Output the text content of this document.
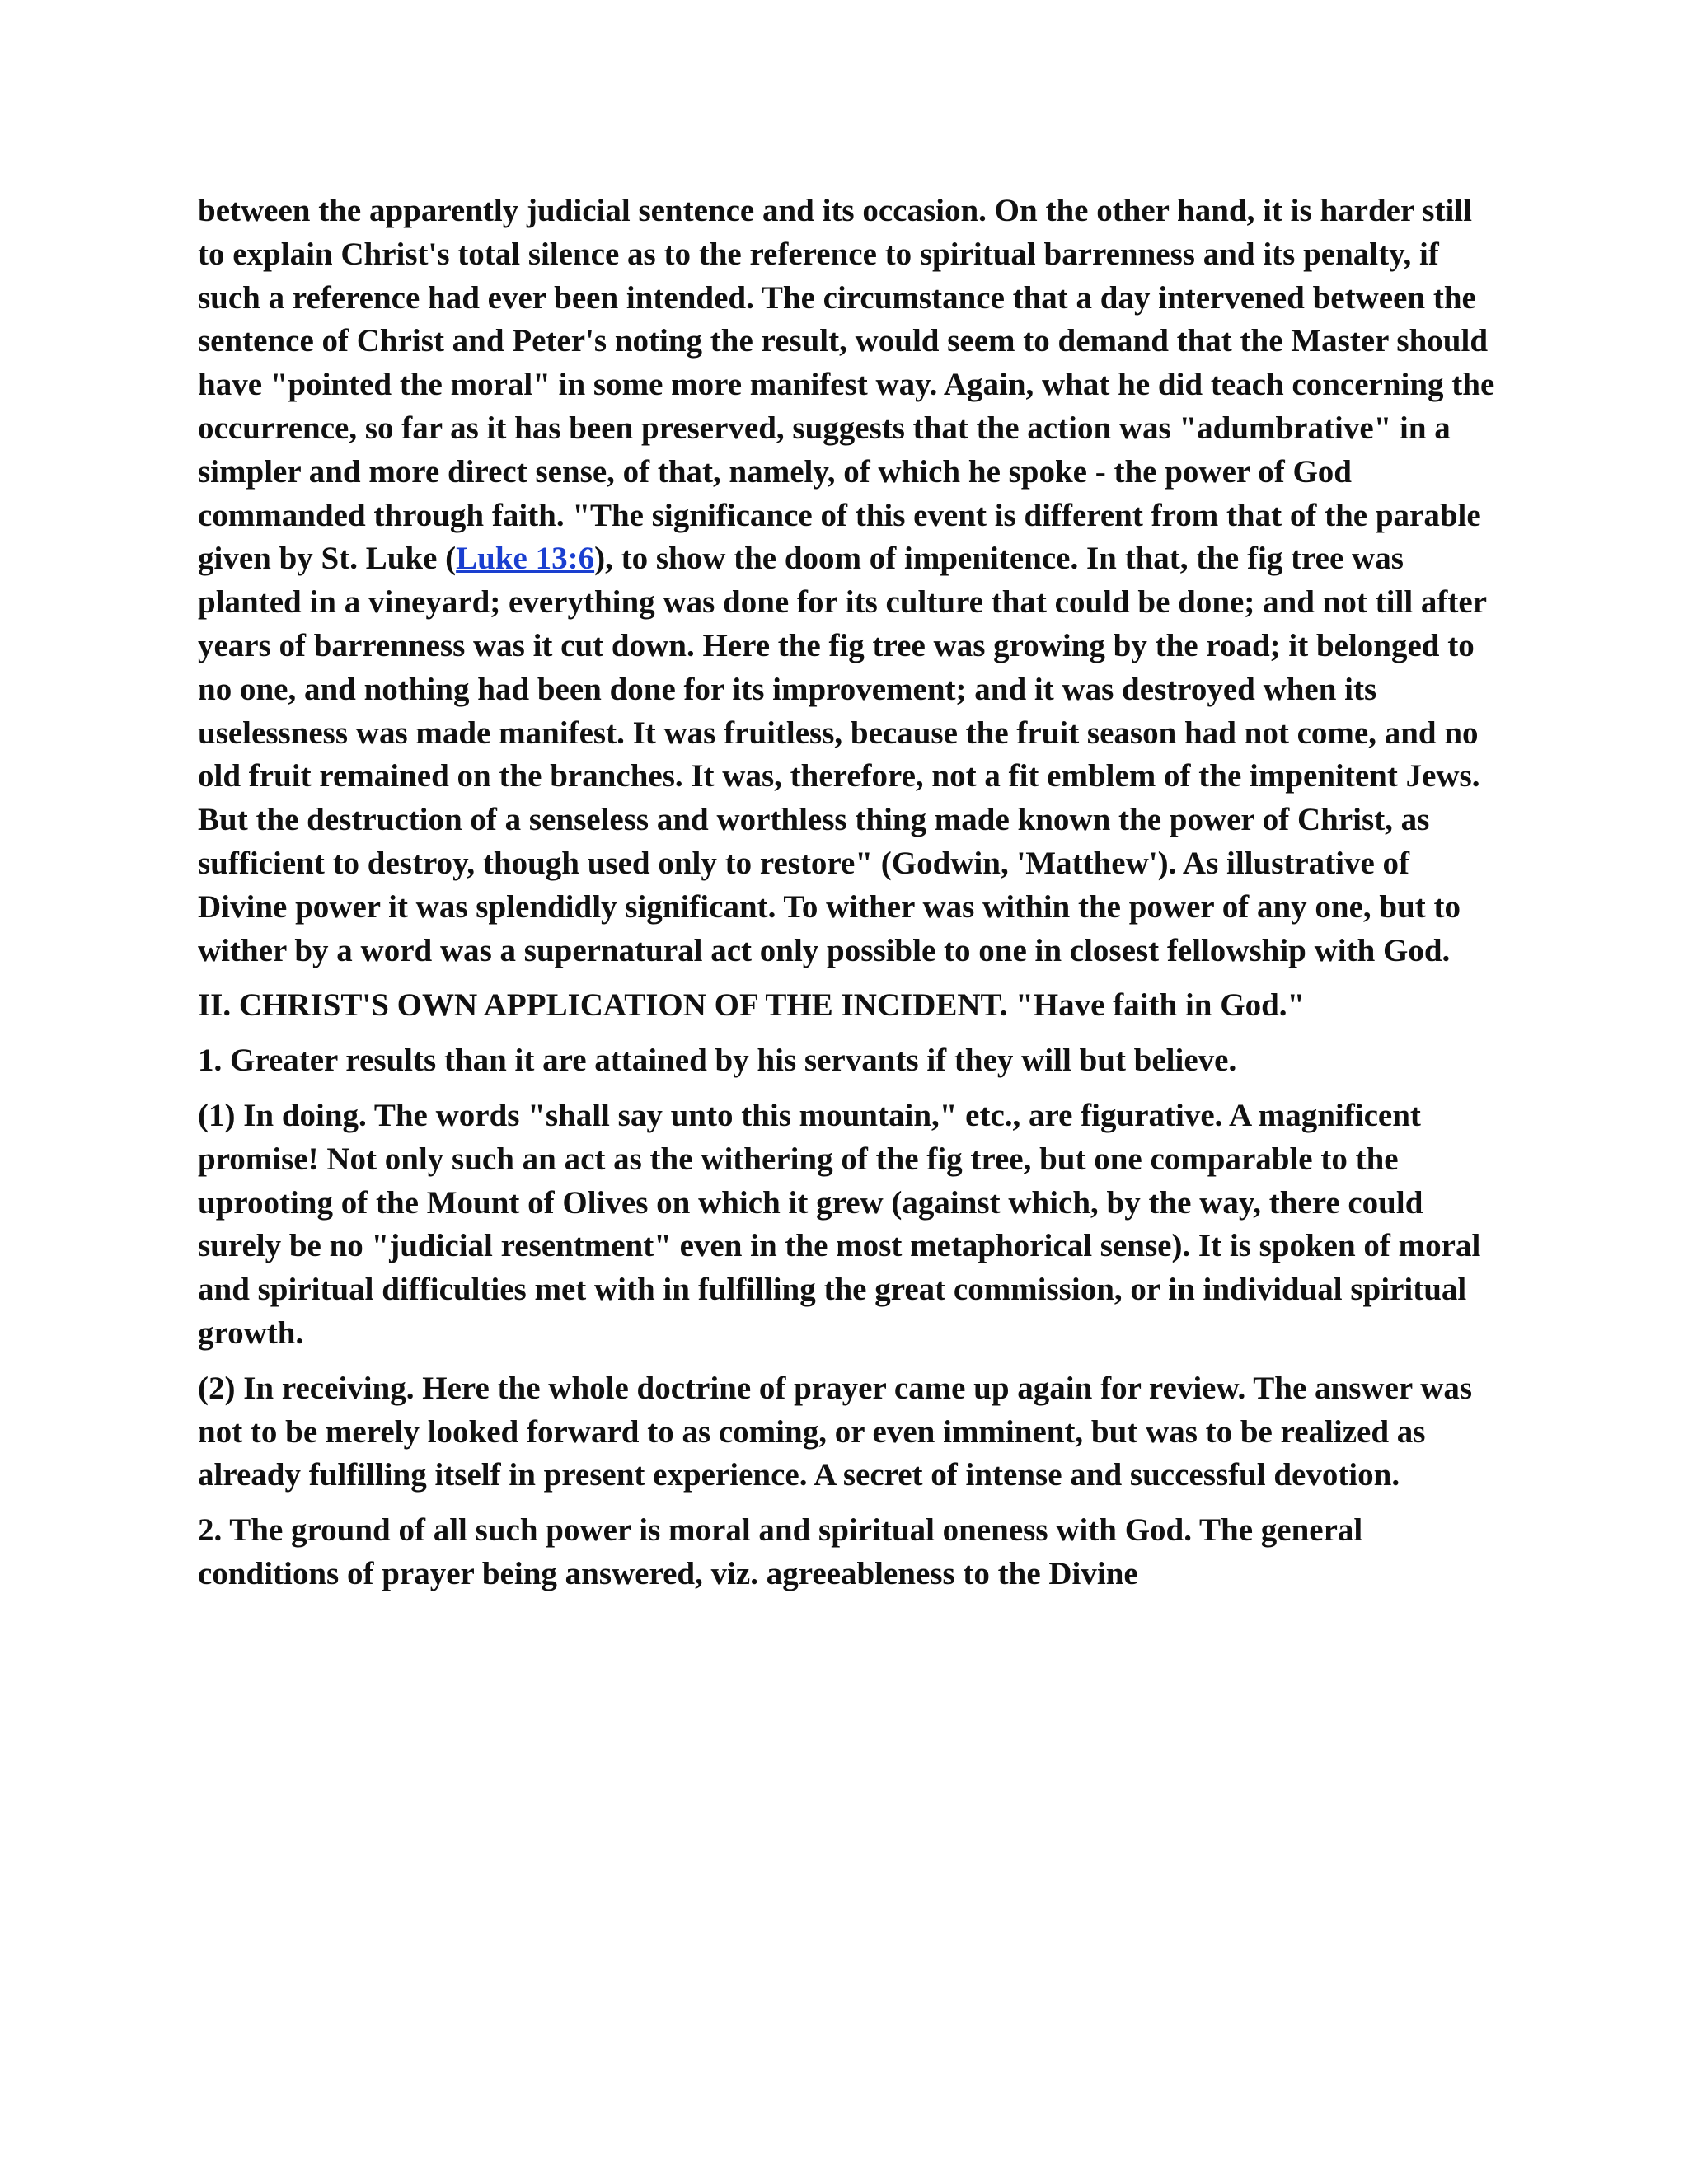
between the apparently judicial sentence and its occasion. On the other hand, it is harder still to explain Christ's total silence as to the reference to spiritual barrenness and its penalty, if such a reference had ever been intended. The circumstance that a day intervened between the sentence of Christ and Peter's noting the result, would seem to demand that the Master should have "pointed the moral" in some more manifest way. Again, what he did teach concerning the occurrence, so far as it has been preserved, suggests that the action was "adumbrative" in a simpler and more direct sense, of that, namely, of which he spoke - the power of God commanded through faith. "The significance of this event is different from that of the parable given by St. Luke (Luke 13:6), to show the doom of impenitence. In that, the fig tree was planted in a vineyard; everything was done for its culture that could be done; and not till after years of barrenness was it cut down. Here the fig tree was growing by the road; it belonged to no one, and nothing had been done for its improvement; and it was destroyed when its uselessness was made manifest. It was fruitless, because the fruit season had not come, and no old fruit remained on the branches. It was, therefore, not a fit emblem of the impenitent Jews. But the destruction of a senseless and worthless thing made known the power of Christ, as sufficient to destroy, though used only to restore" (Godwin, 'Matthew'). As illustrative of Divine power it was splendidly significant. To wither was within the power of any one, but to wither by a word was a supernatural act only possible to one in closest fellowship with God.

II. CHRIST'S OWN APPLICATION OF THE INCIDENT. "Have faith in God."

1. Greater results than it are attained by his servants if they will but believe.

(1) In doing. The words "shall say unto this mountain," etc., are figurative. A magnificent promise! Not only such an act as the withering of the fig tree, but one comparable to the uprooting of the Mount of Olives on which it grew (against which, by the way, there could surely be no "judicial resentment" even in the most metaphorical sense). It is spoken of moral and spiritual difficulties met with in fulfilling the great commission, or in individual spiritual growth.

(2) In receiving. Here the whole doctrine of prayer came up again for review. The answer was not to be merely looked forward to as coming, or even imminent, but was to be realized as already fulfilling itself in present experience. A secret of intense and successful devotion.

2. The ground of all such power is moral and spiritual oneness with God. The general conditions of prayer being answered, viz. agreeableness to the Divine
